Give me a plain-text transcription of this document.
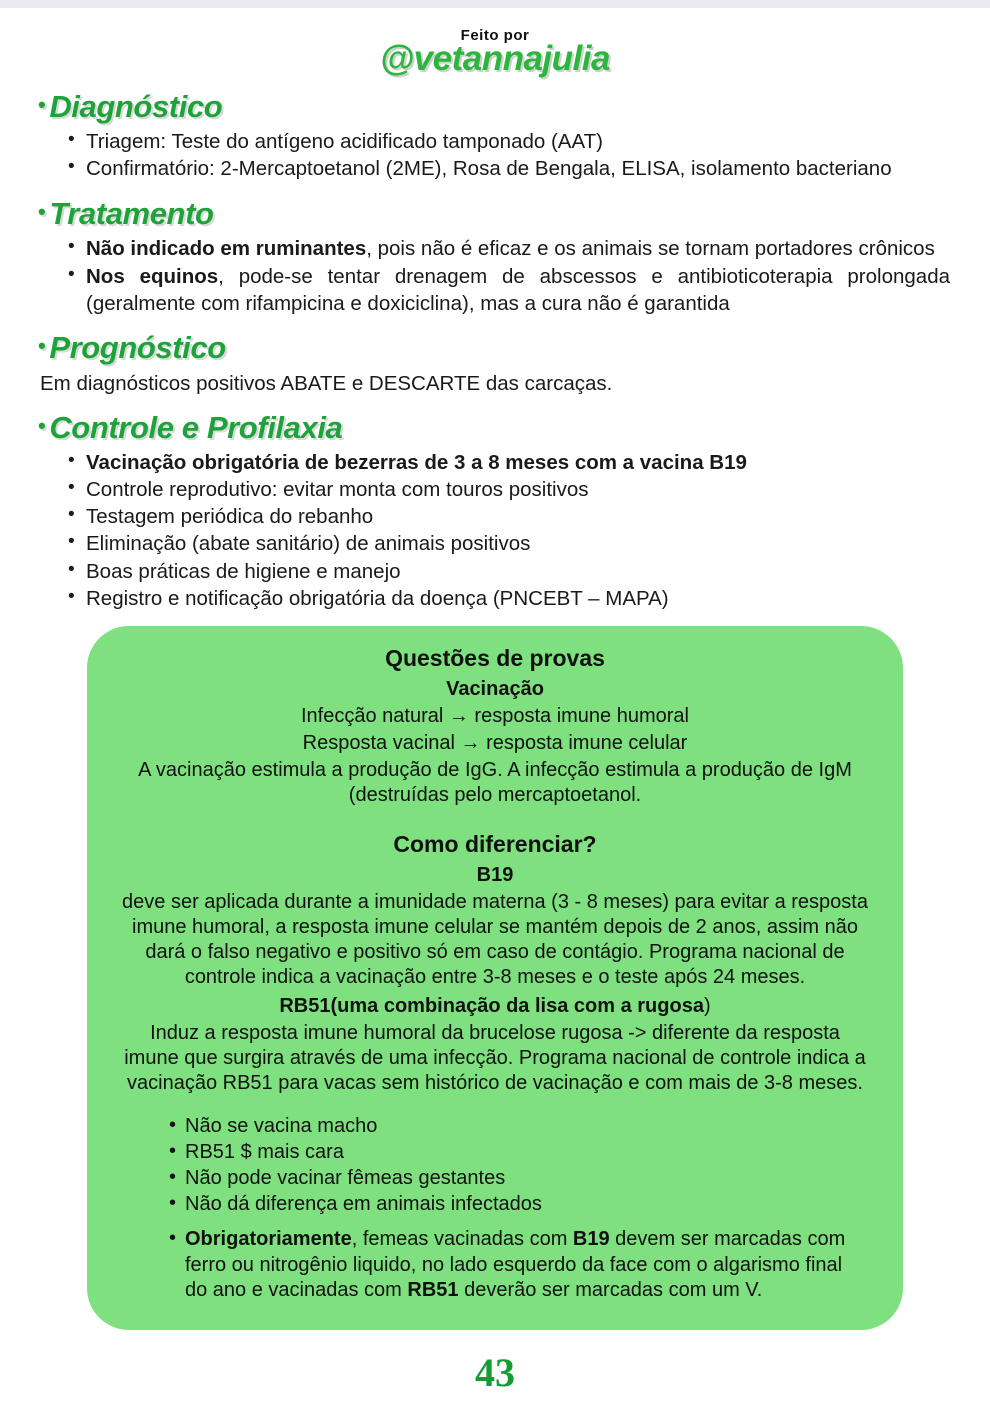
Feito por
@vetannajulia
• Diagnóstico
• Triagem: Teste do antígeno acidificado tamponado (AAT)
• Confirmatório: 2-Mercaptoetanol (2ME), Rosa de Bengala, ELISA, isolamento bacteriano
• Tratamento
• Não indicado em ruminantes, pois não é eficaz e os animais se tornam portadores crônicos
• Nos equinos, pode-se tentar drenagem de abscessos e antibioticoterapia prolongada (geralmente com rifampicina e doxiciclina), mas a cura não é garantida
• Prognóstico

Em diagnósticos positivos ABATE e DESCARTE das carcaças.

• Controle e Profilaxia
• Vacinação obrigatória de bezerras de 3 a 8 meses com a vacina B19
• Controle reprodutivo: evitar monta com touros positivos
• Testagem periódica do rebanho
• Eliminação (abate sanitário) de animais positivos
• Boas práticas de higiene e manejo
• Registro e notificação obrigatória da doença (PNCEBT – MAPA)
Questões de provas
Vacinação

Infecção natural → resposta imune humoral

Resposta vacinal → resposta imune celular

A vacinação estimula a produção de IgG. A infecção estimula a produção de IgM (destruídas pelo mercaptoetanol.

Como diferenciar?
B19

deve ser aplicada durante a imunidade materna (3 - 8 meses) para evitar a resposta imune humoral, a resposta imune celular se mantém depois de 2 anos, assim não dará o falso negativo e positivo só em caso de contágio. Programa nacional de controle indica a vacinação entre 3-8 meses e o teste após 24 meses.

RB51(uma combinação da lisa com a rugosa)

Induz a resposta imune humoral da brucelose rugosa -> diferente da resposta imune que surgira através de uma infecção. Programa nacional de controle indica a vacinação RB51 para vacas sem histórico de vacinação e com mais de 3-8 meses.

• Não se vacina macho
• RB51 $ mais cara
• Não pode vacinar fêmeas gestantes
• Não dá diferença em animais infectados
• Obrigatoriamente, femeas vacinadas com B19 devem ser marcadas com ferro ou nitrogênio liquido, no lado esquerdo da face com o algarismo final do ano e vacinadas com RB51 deverão ser marcadas com um V.
43
